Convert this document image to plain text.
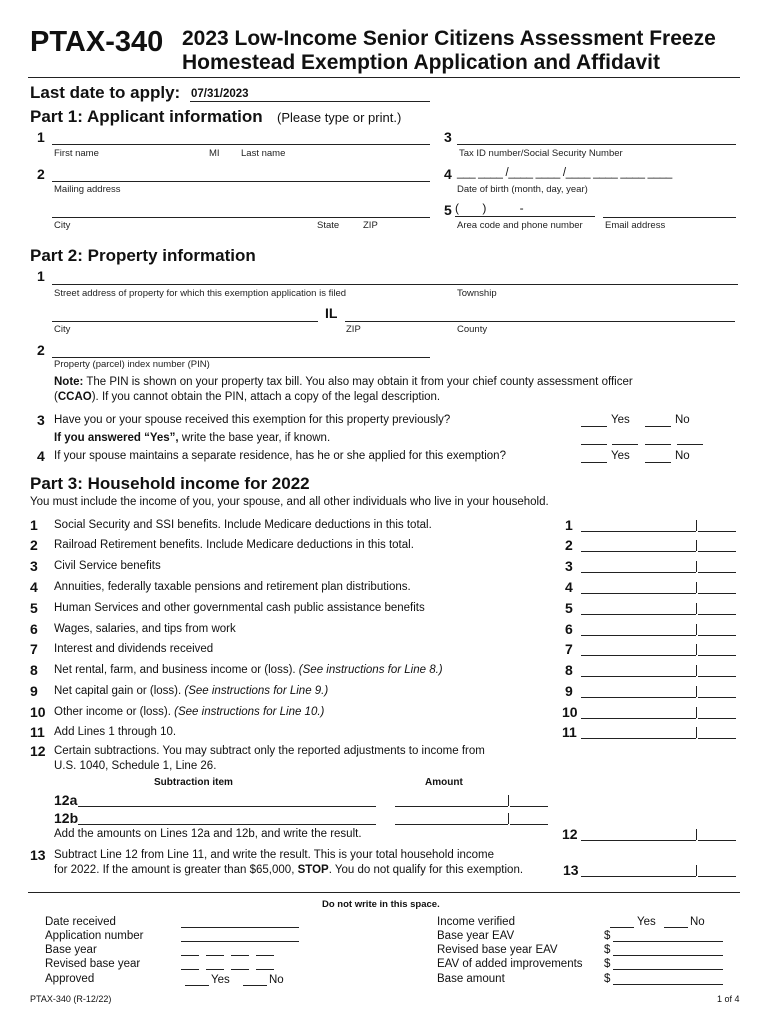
PTAX-340 2023 Low-Income Senior Citizens Assessment Freeze
Homestead Exemption Application and Affidavit
Last date to apply: 07/31/2023
Part 1: Applicant information (Please type or print.)
1
First name	MI Last name
3
Tax ID number/Social Security Number
2
Mailing address
4 ___ ____ /____ ____ /____ ____ ____ ____
Date of birth (month, day, year)
City	State	ZIP
5 (       )          -
Area code and phone number Email address
Part 2: Property information
1
Street address of property for which this exemption application is filed	Township
IL
City	ZIP	County
2
Property (parcel) index number (PIN)
Note: The PIN is shown on your property tax bill. You also may obtain it from your chief county assessment officer
(CCAO). If you cannot obtain the PIN, attach a copy of the legal description.
3 Have you or your spouse received this exemption for this property previously?	Yes	No
If you answered “Yes”, write the base year, if known.
4 If your spouse maintains a separate residence, has he or she applied for this exemption?	Yes	No
Part 3: Household income for 2022
You must include the income of you, your spouse, and all other individuals who live in your household.
1 Social Security and SSI benefits. Include Medicare deductions in this total.	1
2 Railroad Retirement benefits. Include Medicare deductions in this total.	2
3 Civil Service benefits	3
4 Annuities, federally taxable pensions and retirement plan distributions.	4
5 Human Services and other governmental cash public assistance benefits	5
6 Wages, salaries, and tips from work	6
7 Interest and dividends received	7
8 Net rental, farm, and business income or (loss). (See instructions for Line 8.)	8
9 Net capital gain or (loss). (See instructions for Line 9.)	9
10 Other income or (loss). (See instructions for Line 10.)	10
11 Add Lines 1 through 10.	11
12 Certain subtractions. You may subtract only the reported adjustments to income from
U.S. 1040, Schedule 1, Line 26.
Subtraction item	Amount
12a
12b
Add the amounts on Lines 12a and 12b, and write the result.	12
13 Subtract Line 12 from Line 11, and write the result. This is your total household income
for 2022. If the amount is greater than $65,000, STOP. You do not qualify for this exemption.	13
Do not write in this space.
Date received
Application number
Base year
Revised base year
Approved	Yes	No
Income verified	Yes	No
Base year EAV	$
Revised base year EAV	$
EAV of added improvements $
Base amount	$
PTAX-340 (R-12/22)	1 of 4
